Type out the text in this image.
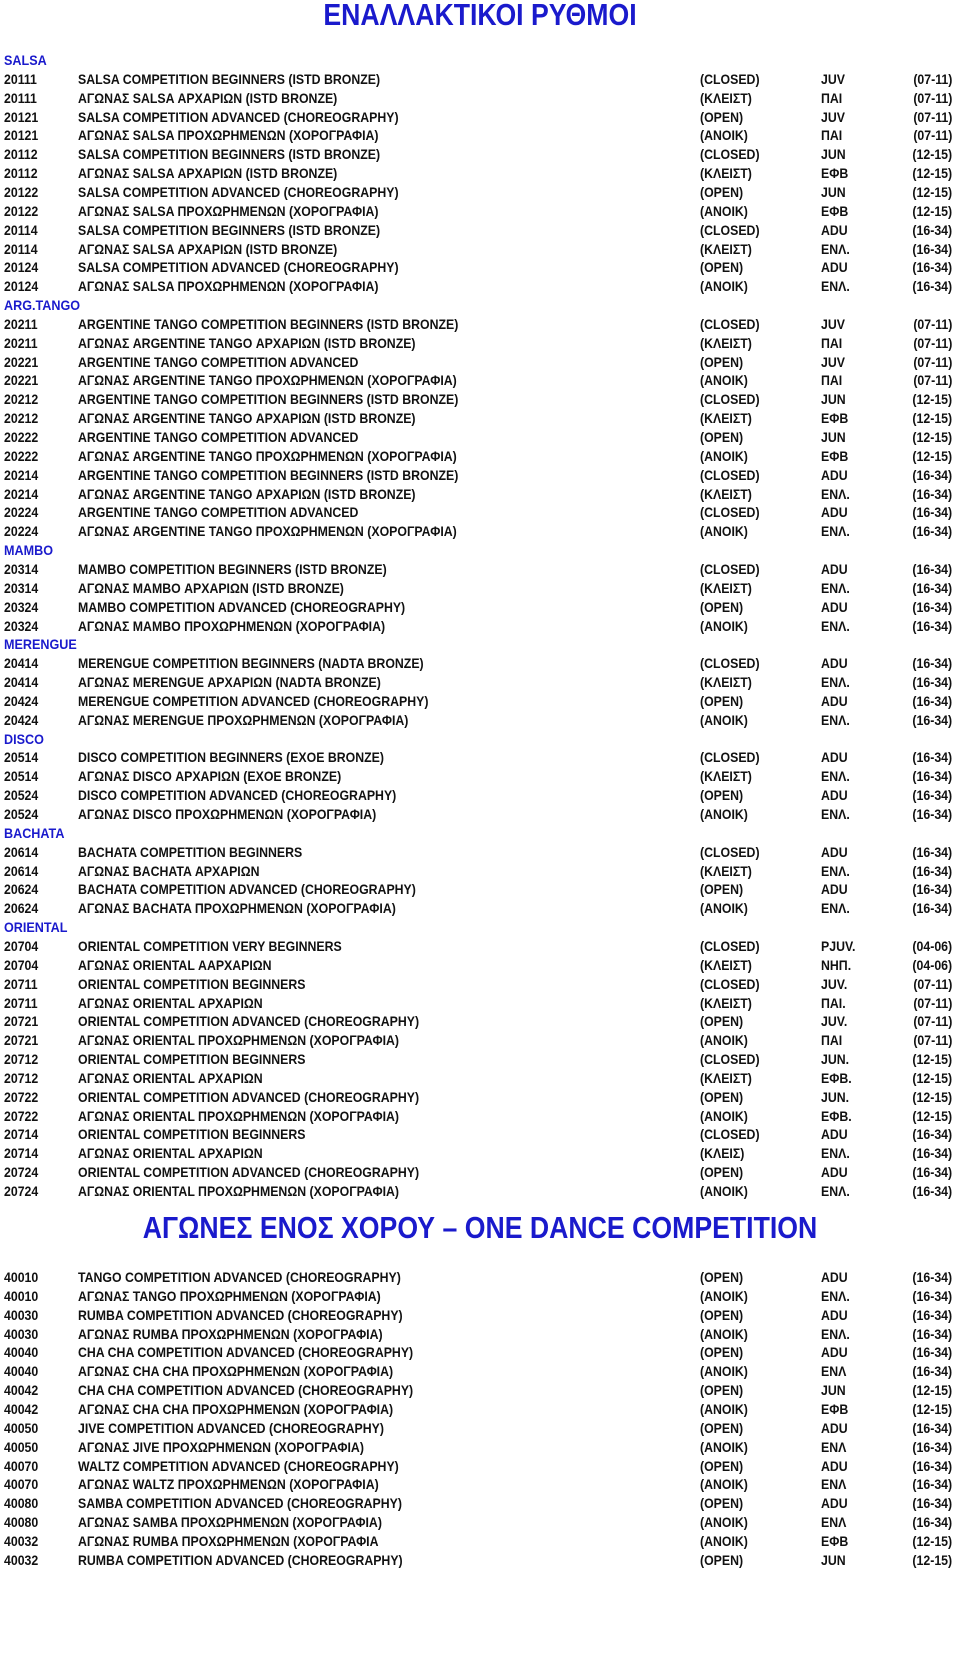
ΕΝΑΛΛΑΚΤΙΚΟΙ ΡΥΘΜΟΙ
SALSA
20111	SALSA COMPETITION BEGINNERS (ISTD BRONZE)	(CLOSED)	JUV	(07-11)
20111	ΑΓΩΝΑΣ SALSA ΑΡΧΑΡΙΩΝ (ISTD BRONZE)	(ΚΛΕΙΣΤ)	ΠΑΙ	(07-11)
20121	SALSA COMPETITION ADVANCED (CHOREOGRAPHY)	(OPEN)	JUV	(07-11)
20121	ΑΓΩΝΑΣ SALSA ΠΡΟΧΩΡΗΜΕΝΩΝ (ΧΟΡΟΓΡΑΦΙΑ)	(ΑΝΟΙΚ)	ΠΑΙ	(07-11)
20112	SALSA COMPETITION BEGINNERS (ISTD BRONZE)	(CLOSED)	JUN	(12-15)
20112	ΑΓΩΝΑΣ SALSA ΑΡΧΑΡΙΩΝ (ISTD BRONZE)	(ΚΛΕΙΣΤ)	ΕΦΒ	(12-15)
20122	SALSA COMPETITION ADVANCED (CHOREOGRAPHY)	(OPEN)	JUN	(12-15)
20122	ΑΓΩΝΑΣ SALSA ΠΡΟΧΩΡΗΜΕΝΩΝ (ΧΟΡΟΓΡΑΦΙΑ)	(ΑΝΟΙΚ)	ΕΦΒ	(12-15)
20114	SALSA COMPETITION BEGINNERS (ISTD BRONZE)	(CLOSED)	ADU	(16-34)
20114	ΑΓΩΝΑΣ SALSA ΑΡΧΑΡΙΩΝ (ISTD BRONZE)	(ΚΛΕΙΣΤ)	ΕΝΛ.	(16-34)
20124	SALSA COMPETITION ADVANCED (CHOREOGRAPHY)	(OPEN)	ADU	(16-34)
20124	ΑΓΩΝΑΣ SALSA ΠΡΟΧΩΡΗΜΕΝΩΝ (ΧΟΡΟΓΡΑΦΙΑ)	(ΑΝΟΙΚ)	ΕΝΛ.	(16-34)
ARG.TANGO
20211	ARGENTINE TANGO COMPETITION BEGINNERS (ISTD BRONZE)	(CLOSED)	JUV	(07-11)
20211	ΑΓΩΝΑΣ ARGENTINE TANGO ΑΡΧΑΡΙΩΝ (ISTD BRONZE)	(ΚΛΕΙΣΤ)	ΠΑΙ	(07-11)
20221	ARGENTINE TANGO COMPETITION ADVANCED	(OPEN)	JUV	(07-11)
20221	ΑΓΩΝΑΣ ARGENTINE TANGO ΠΡΟΧΩΡΗΜΕΝΩΝ (ΧΟΡΟΓΡΑΦΙΑ)	(ΑΝΟΙΚ)	ΠΑΙ	(07-11)
20212	ARGENTINE TANGO COMPETITION BEGINNERS (ISTD BRONZE)	(CLOSED)	JUN	(12-15)
20212	ΑΓΩΝΑΣ ARGENTINE TANGO ΑΡΧΑΡΙΩΝ (ISTD BRONZE)	(ΚΛΕΙΣΤ)	ΕΦΒ	(12-15)
20222	ARGENTINE TANGO COMPETITION ADVANCED	(OPEN)	JUN	(12-15)
20222	ΑΓΩΝΑΣ ARGENTINE TANGO ΠΡΟΧΩΡΗΜΕΝΩΝ (ΧΟΡΟΓΡΑΦΙΑ)	(ΑΝΟΙΚ)	ΕΦΒ	(12-15)
20214	ARGENTINE TANGO COMPETITION BEGINNERS (ISTD BRONZE)	(CLOSED)	ADU	(16-34)
20214	ΑΓΩΝΑΣ ARGENTINE TANGO ΑΡΧΑΡΙΩΝ (ISTD BRONZE)	(ΚΛΕΙΣΤ)	ΕΝΛ.	(16-34)
20224	ARGENTINE TANGO COMPETITION ADVANCED	(CLOSED)	ADU	(16-34)
20224	ΑΓΩΝΑΣ ARGENTINE TANGO ΠΡΟΧΩΡΗΜΕΝΩΝ (ΧΟΡΟΓΡΑΦΙΑ)	(ΑΝΟΙΚ)	ΕΝΛ.	(16-34)
MAMBO
20314	MAMBO COMPETITION BEGINNERS (ISTD BRONZE)	(CLOSED)	ADU	(16-34)
20314	ΑΓΩΝΑΣ MAMBO ΑΡΧΑΡΙΩΝ (ISTD BRONZE)	(ΚΛΕΙΣΤ)	ΕΝΛ.	(16-34)
20324	MAMBO COMPETITION ADVANCED (CHOREOGRAPHY)	(OPEN)	ADU	(16-34)
20324	ΑΓΩΝΑΣ MAMBO ΠΡΟΧΩΡΗΜΕΝΩΝ (ΧΟΡΟΓΡΑΦΙΑ)	(ΑΝΟΙΚ)	ΕΝΛ.	(16-34)
MERENGUE
20414	MERENGUE COMPETITION BEGINNERS (NADTA BRONZE)	(CLOSED)	ADU	(16-34)
20414	ΑΓΩΝΑΣ MERENGUE ΑΡΧΑΡΙΩΝ (NADTA BRONZE)	(ΚΛΕΙΣΤ)	ΕΝΛ.	(16-34)
20424	MERENGUE COMPETITION ADVANCED (CHOREOGRAPHY)	(OPEN)	ADU	(16-34)
20424	ΑΓΩΝΑΣ MERENGUE ΠΡΟΧΩΡΗΜΕΝΩΝ (ΧΟΡΟΓΡΑΦΙΑ)	(ΑΝΟΙΚ)	ΕΝΛ.	(16-34)
DISCO
20514	DISCO COMPETITION BEGINNERS (EXOE BRONZE)	(CLOSED)	ADU	(16-34)
20514	ΑΓΩΝΑΣ DISCO ΑΡΧΑΡΙΩΝ (EXOE BRONZE)	(ΚΛΕΙΣΤ)	ΕΝΛ.	(16-34)
20524	DISCO COMPETITION ADVANCED (CHOREOGRAPHY)	(OPEN)	ADU	(16-34)
20524	ΑΓΩΝΑΣ DISCO ΠΡΟΧΩΡΗΜΕΝΩΝ (ΧΟΡΟΓΡΑΦΙΑ)	(ΑΝΟΙΚ)	ΕΝΛ.	(16-34)
BACHATA
20614	BACHATA COMPETITION BEGINNERS	(CLOSED)	ADU	(16-34)
20614	ΑΓΩΝΑΣ BACHATA ΑΡΧΑΡΙΩΝ	(ΚΛΕΙΣΤ)	ΕΝΛ.	(16-34)
20624	BACHATA COMPETITION ADVANCED (CHOREOGRAPHY)	(OPEN)	ADU	(16-34)
20624	ΑΓΩΝΑΣ BACHATA ΠΡΟΧΩΡΗΜΕΝΩΝ (ΧΟΡΟΓΡΑΦΙΑ)	(ΑΝΟΙΚ)	ΕΝΛ.	(16-34)
ORIENTAL
20704	ORIENTAL COMPETITION VERY BEGINNERS	(CLOSED)	PJUV.	(04-06)
20704	ΑΓΩΝΑΣ ORIENTAL ΑΑΡΧΑΡΙΩΝ	(ΚΛΕΙΣΤ)	ΝΗΠ.	(04-06)
20711	ORIENTAL COMPETITION BEGINNERS	(CLOSED)	JUV.	(07-11)
20711	ΑΓΩΝΑΣ ORIENTAL ΑΡΧΑΡΙΩΝ	(ΚΛΕΙΣΤ)	ΠΑΙ.	(07-11)
20721	ORIENTAL COMPETITION ADVANCED (CHOREOGRAPHY)	(OPEN)	JUV.	(07-11)
20721	ΑΓΩΝΑΣ ORIENTAL ΠΡΟΧΩΡΗΜΕΝΩΝ (ΧΟΡΟΓΡΑΦΙΑ)	(ΑΝΟΙΚ)	ΠΑΙ	(07-11)
20712	ORIENTAL COMPETITION BEGINNERS	(CLOSED)	JUN.	(12-15)
20712	ΑΓΩΝΑΣ ORIENTAL ΑΡΧΑΡΙΩΝ	(ΚΛΕΙΣΤ)	ΕΦΒ.	(12-15)
20722	ORIENTAL COMPETITION ADVANCED (CHOREOGRAPHY)	(OPEN)	JUN.	(12-15)
20722	ΑΓΩΝΑΣ ORIENTAL ΠΡΟΧΩΡΗΜΕΝΩΝ (ΧΟΡΟΓΡΑΦΙΑ)	(ΑΝΟΙΚ)	ΕΦΒ.	(12-15)
20714	ORIENTAL COMPETITION BEGINNERS	(CLOSED)	ADU	(16-34)
20714	ΑΓΩΝΑΣ ORIENTAL ΑΡΧΑΡΙΩΝ	(ΚΛΕΙΣ)	ΕΝΛ.	(16-34)
20724	ORIENTAL COMPETITION ADVANCED (CHOREOGRAPHY)	(OPEN)	ADU	(16-34)
20724	ΑΓΩΝΑΣ ORIENTAL ΠΡΟΧΩΡΗΜΕΝΩΝ (ΧΟΡΟΓΡΑΦΙΑ)	(ΑΝΟΙΚ)	ΕΝΛ.	(16-34)
ΑΓΩΝΕΣ ΕΝΟΣ ΧΟΡΟΥ – ONE DANCE COMPETITION
40010	TANGO COMPETITION ADVANCED (CHOREOGRAPHY)	(OPEN)	ADU	(16-34)
40010	ΑΓΩΝΑΣ TANGO ΠΡΟΧΩΡΗΜΕΝΩΝ (ΧΟΡΟΓΡΑΦΙΑ)	(ΑΝΟΙΚ)	ΕΝΛ.	(16-34)
40030	RUMBA COMPETITION ADVANCED (CHOREOGRAPHY)	(OPEN)	ADU	(16-34)
40030	ΑΓΩΝΑΣ RUMBA ΠΡΟΧΩΡΗΜΕΝΩΝ (ΧΟΡΟΓΡΑΦΙΑ)	(ΑΝΟΙΚ)	ΕΝΛ.	(16-34)
40040	CHA CHA COMPETITION ADVANCED (CHOREOGRAPHY)	(OPEN)	ADU	(16-34)
40040	ΑΓΩΝΑΣ CHA CHA ΠΡΟΧΩΡΗΜΕΝΩΝ (ΧΟΡΟΓΡΑΦΙΑ)	(ΑΝΟΙΚ)	ΕΝΛ	(16-34)
40042	CHA CHA COMPETITION ADVANCED (CHOREOGRAPHY)	(OPEN)	JUN	(12-15)
40042	ΑΓΩΝΑΣ CHA CHA ΠΡΟΧΩΡΗΜΕΝΩΝ (ΧΟΡΟΓΡΑΦΙΑ)	(ΑΝΟΙΚ)	ΕΦΒ	(12-15)
40050	JIVE COMPETITION ADVANCED (CHOREOGRAPHY)	(OPEN)	ADU	(16-34)
40050	ΑΓΩΝΑΣ JIVE ΠΡΟΧΩΡΗΜΕΝΩΝ (ΧΟΡΟΓΡΑΦΙΑ)	(ΑΝΟΙΚ)	ΕΝΛ	(16-34)
40070	WALTZ COMPETITION ADVANCED (CHOREOGRAPHY)	(OPEN)	ADU	(16-34)
40070	ΑΓΩΝΑΣ WALTZ ΠΡΟΧΩΡΗΜΕΝΩΝ (ΧΟΡΟΓΡΑΦΙΑ)	(ΑΝΟΙΚ)	ΕΝΛ	(16-34)
40080	SAMBA COMPETITION ADVANCED (CHOREOGRAPHY)	(OPEN)	ADU	(16-34)
40080	ΑΓΩΝΑΣ SAMBA ΠΡΟΧΩΡΗΜΕΝΩΝ (ΧΟΡΟΓΡΑΦΙΑ)	(ΑΝΟΙΚ)	ΕΝΛ	(16-34)
40032	ΑΓΩΝΑΣ RUMBA ΠΡΟΧΩΡΗΜΕΝΩΝ (ΧΟΡΟΓΡΑΦΙΑ	(ΑΝΟΙΚ)	ΕΦΒ	(12-15)
40032	RUMBA COMPETITION ADVANCED (CHOREOGRAPHY)	(OPEN)	JUN	(12-15)
